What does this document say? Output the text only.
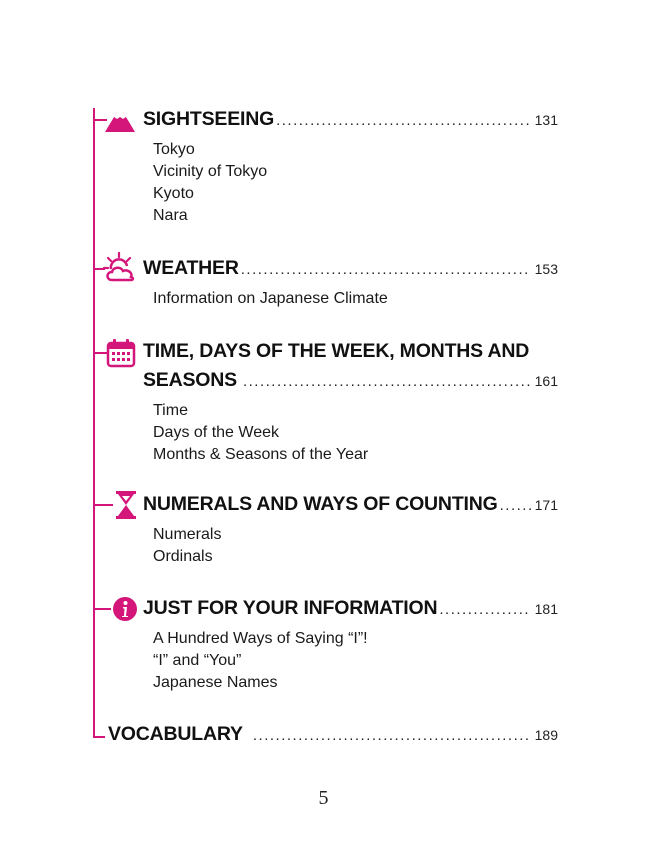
SIGHTSEEING .....	131
Tokyo
Vicinity of Tokyo
Kyoto
Nara
WEATHER .....	153
Information on Japanese Climate
TIME, DAYS OF THE WEEK, MONTHS AND
SEASONS .....	161
Time
Days of the Week
Months & Seasons of the Year
NUMERALS AND WAYS OF COUNTING .....	171
Numerals
Ordinals
JUST FOR YOUR INFORMATION .....	181
A Hundred Ways of Saying “I”!
“I” and “You”
Japanese Names
VOCABULARY .....	189
5
